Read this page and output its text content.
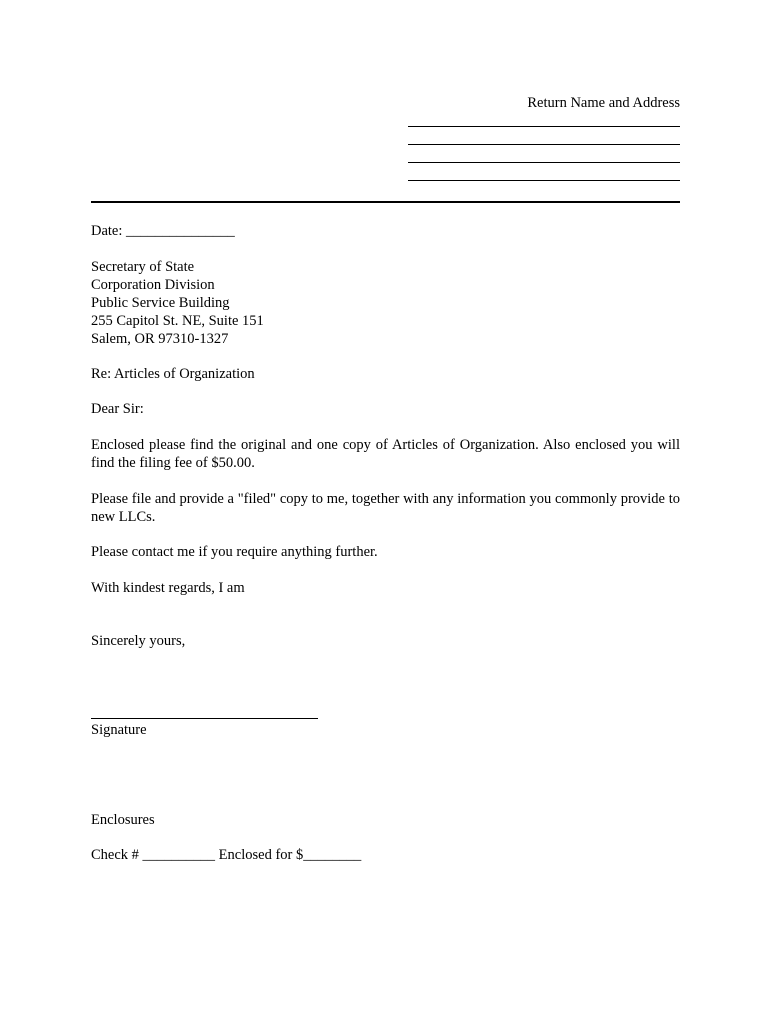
Return Name and Address
Date: _______________
Secretary of State
Corporation Division
Public Service Building
255 Capitol St. NE, Suite 151
Salem, OR 97310-1327
Re: Articles of Organization
Dear Sir:
Enclosed please find the original and one copy of Articles of Organization. Also enclosed you will find the filing fee of $50.00.
Please file and provide a "filed" copy to me, together with any information you commonly provide to new LLCs.
Please contact me if you require anything further.
With kindest regards, I am
Sincerely yours,
Signature
Enclosures
Check # __________ Enclosed for $________
